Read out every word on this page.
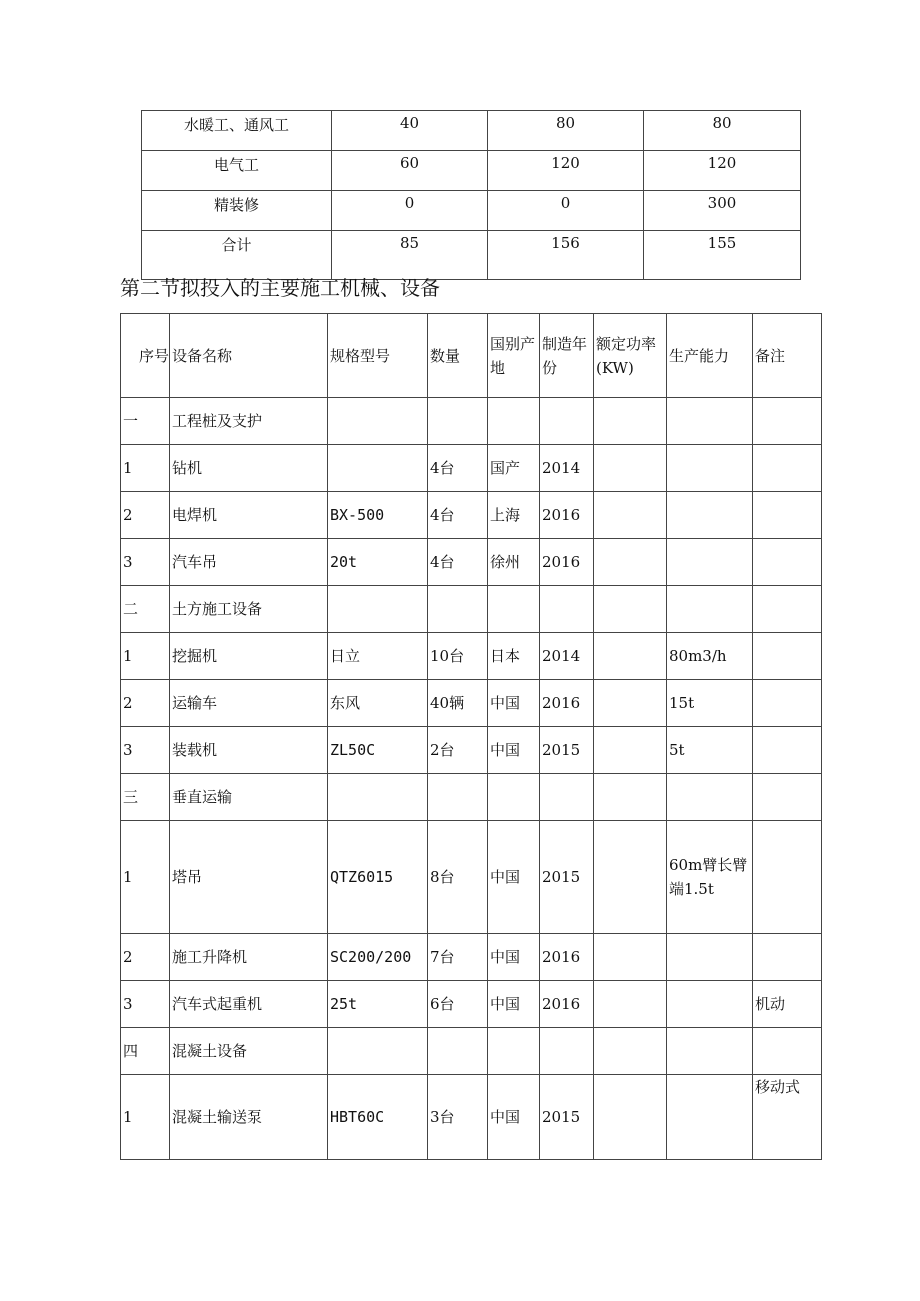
水暖工、通风工	40	80	80
电气工	60	120	120
精装修	0	0	300
合计	85	156	155
第二节拟投入的主要施工机械、设备
序号	设备名称	规格型号	数量	国别产地	制造年份	额定功率(KW)	生产能力	备注
一	工程桩及支护							
1	钻机		4台	国产	2014			
2	电焊机	BX-500	4台	上海	2016			
3	汽车吊	20t	4台	徐州	2016			
二	土方施工设备							
1	挖掘机	日立	10台	日本	2014		80m3/h	
2	运输车	东风	40辆	中国	2016		15t	
3	装载机	ZL50C	2台	中国	2015		5t	
三	垂直运输							
1	塔吊	QTZ6015	8台	中国	2015		60m臂长臂端1.5t	
2	施工升降机	SC200/200	7台	中国	2016			
3	汽车式起重机	25t	6台	中国	2016			机动
四	混凝土设备							
1	混凝土输送泵	HBT60C	3台	中国	2015			移动式
